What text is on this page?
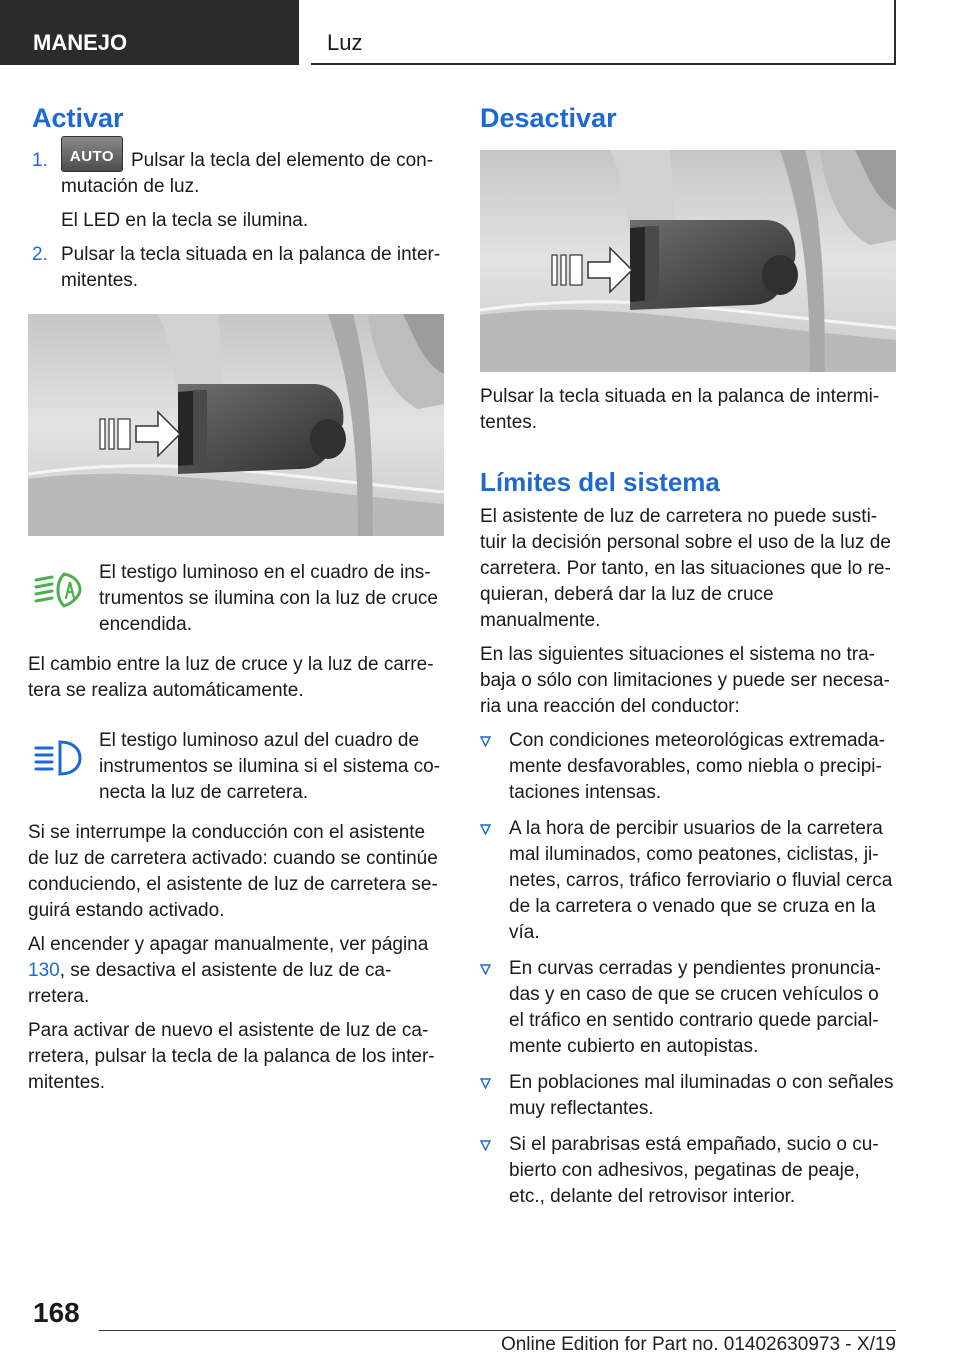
MANEJO	Luz
Activar
1.	AUTO Pulsar la tecla del elemento de conmutación de luz.
El LED en la tecla se ilumina.
2. Pulsar la tecla situada en la palanca de intermitentes.

El testigo luminoso en el cuadro de instrumentos se ilumina con la luz de cruce encendida.

El cambio entre la luz de cruce y la luz de carretera se realiza automáticamente.

El testigo luminoso azul del cuadro de instrumentos se ilumina si el sistema conecta la luz de carretera.

Si se interrumpe la conducción con el asistente de luz de carretera activado: cuando se continúe conduciendo, el asistente de luz de carretera seguirá estando activado.

Al encender y apagar manualmente, ver página 130, se desactiva el asistente de luz de carretera.

Para activar de nuevo el asistente de luz de carretera, pulsar la tecla de la palanca de los intermitentes.

Desactivar

Pulsar la tecla situada en la palanca de intermitentes.

Límites del sistema

El asistente de luz de carretera no puede sustituir la decisión personal sobre el uso de la luz de carretera. Por tanto, en las situaciones que lo requieran, deberá dar la luz de cruce manualmente.

En las siguientes situaciones el sistema no trabaja o sólo con limitaciones y puede ser necesaria una reacción del conductor:

Con condiciones meteorológicas extremadamente desfavorables, como niebla o precipitaciones intensas.
A la hora de percibir usuarios de la carretera mal iluminados, como peatones, ciclistas, jinetes, carros, tráfico ferroviario o fluvial cerca de la carretera o venado que se cruza en la vía.
En curvas cerradas y pendientes pronunciadas y en caso de que se crucen vehículos o el tráfico en sentido contrario quede parcialmente cubierto en autopistas.
En poblaciones mal iluminadas o con señales muy reflectantes.
Si el parabrisas está empañado, sucio o cubierto con adhesivos, pegatinas de peaje, etc., delante del retrovisor interior.
168
Online Edition for Part no. 01402630973 - X/19
